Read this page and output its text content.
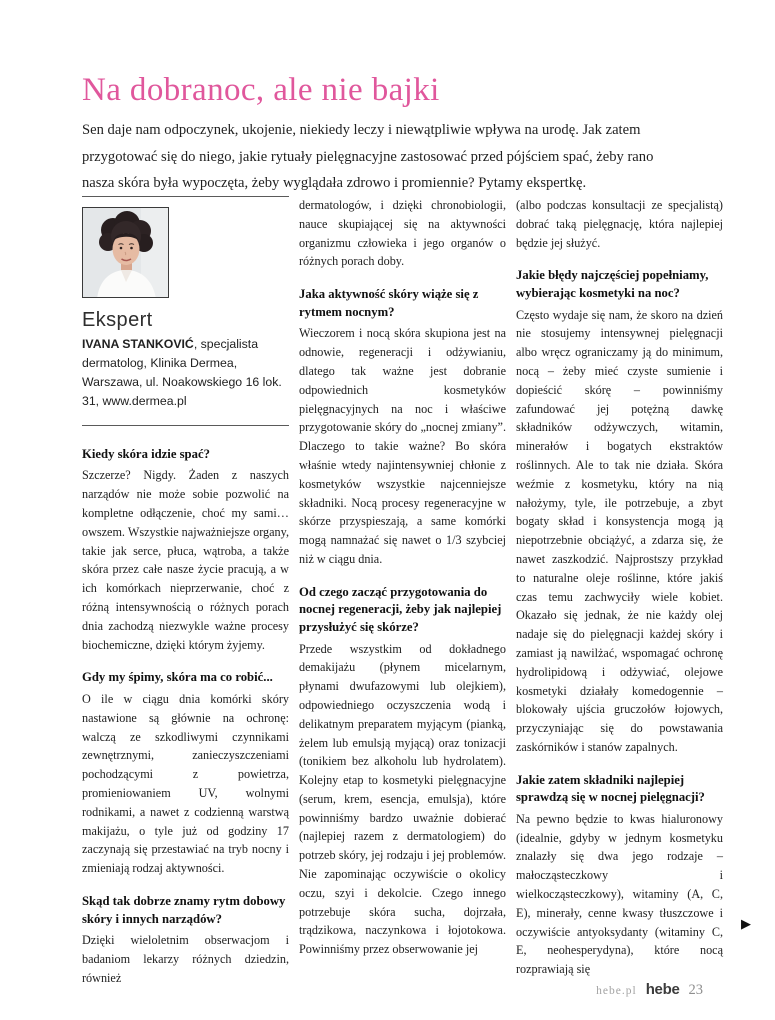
Na dobranoc, ale nie bajki
Sen daje nam odpoczynek, ukojenie, niekiedy leczy i niewątpliwie wpływa na urodę. Jak zatem
przygotować się do niego, jakie rytuały pielęgnacyjne zastosować przed pójściem spać, żeby rano
nasza skóra była wypoczęta, żeby wyglądała zdrowo i promiennie? Pytamy ekspertkę.
Ekspert

IVANA STANKOVIĆ, specjalista dermatolog, Klinika Dermea, Warszawa, ul. Noakowskiego 16 lok. 31, www.dermea.pl

Kiedy skóra idzie spać?

Szczerze? Nigdy. Żaden z naszych narządów nie może sobie pozwolić na kompletne odłączenie, choć my sami… owszem. Wszystkie najważniejsze organy, takie jak serce, płuca, wątroba, a także skóra przez całe nasze życie pracują, a w ich komórkach nieprzerwanie, choć z różną intensywnością o różnych porach dnia zachodzą niezwykle ważne procesy biochemiczne, dzięki którym żyjemy.

Gdy my śpimy, skóra ma co robić...

O ile w ciągu dnia komórki skóry nastawione są głównie na ochronę: walczą ze szkodliwymi czynnikami zewnętrznymi, zanieczyszczeniami pochodzącymi z powietrza, promieniowaniem UV, wolnymi rodnikami, a nawet z codzienną warstwą makijażu, o tyle już od godziny 17 zaczynają się przestawiać na tryb nocny i zmieniają rodzaj aktywności.

Skąd tak dobrze znamy rytm dobowy skóry i innych narządów?

Dzięki wieloletnim obserwacjom i badaniom lekarzy różnych dziedzin, również

dermatologów, i dzięki chronobiologii, nauce skupiającej się na aktywności organizmu człowieka i jego organów o różnych porach doby.

Jaka aktywność skóry wiąże się z rytmem nocnym?

Wieczorem i nocą skóra skupiona jest na odnowie, regeneracji i odżywianiu, dlatego tak ważne jest dobranie odpowiednich kosmetyków pielęgnacyjnych na noc i właściwe przygotowanie skóry do „nocnej zmiany”. Dlaczego to takie ważne? Bo skóra właśnie wtedy najintensywniej chłonie z kosmetyków wszystkie najcenniejsze składniki. Nocą procesy regeneracyjne w skórze przyspieszają, a same komórki mogą namnażać się nawet o 1/3 szybciej niż w ciągu dnia.

Od czego zacząć przygotowania do nocnej regeneracji, żeby jak najlepiej przysłużyć się skórze?

Przede wszystkim od dokładnego demakijażu (płynem micelarnym, płynami dwufazowymi lub olejkiem), odpowiedniego oczyszczenia wodą i delikatnym preparatem myjącym (pianką, żelem lub emulsją myjącą) oraz tonizacji (tonikiem bez alkoholu lub hydrolatem). Kolejny etap to kosmetyki pielęgnacyjne (serum, krem, esencja, emulsja), które powinniśmy bardzo uważnie dobierać (najlepiej razem z dermatologiem) do potrzeb skóry, jej rodzaju i jej problemów. Nie zapominając oczywiście o okolicy oczu, szyi i dekolcie. Czego innego potrzebuje skóra sucha, dojrzała, trądzikowa, naczynkowa i łojotokowa. Powinniśmy przez obserwowanie jej

(albo podczas konsultacji ze specjalistą) dobrać taką pielęgnację, która najlepiej będzie jej służyć.

Jakie błędy najczęściej popełniamy, wybierając kosmetyki na noc?

Często wydaje się nam, że skoro na dzień nie stosujemy intensywnej pielęgnacji albo wręcz ograniczamy ją do minimum, nocą – żeby mieć czyste sumienie i dopieścić skórę – powinniśmy zafundować jej potężną dawkę składników odżywczych, witamin, minerałów i bogatych ekstraktów roślinnych. Ale to tak nie działa. Skóra weźmie z kosmetyku, który na nią nałożymy, tyle, ile potrzebuje, a zbyt bogaty skład i konsystencja mogą ją niepotrzebnie obciążyć, a zdarza się, że nawet zaszkodzić. Najprostszy przykład to naturalne oleje roślinne, które jakiś czas temu zachwyciły wiele kobiet. Okazało się jednak, że nie każdy olej nadaje się do pielęgnacji każdej skóry i zamiast ją nawilżać, wspomagać ochronę hydrolipidową i odżywiać, olejowe kosmetyki działały komedogennie – blokowały ujścia gruczołów łojowych, przyczyniając się do powstawania zaskórników i stanów zapalnych.

Jakie zatem składniki najlepiej sprawdzą się w nocnej pielęgnacji?

Na pewno będzie to kwas hialuronowy (idealnie, gdyby w jednym kosmetyku znalazły się dwa jego rodzaje – małocząsteczkowy i wielkocząsteczkowy), witaminy (A, C, E), minerały, cenne kwasy tłuszczowe i oczywiście antyoksydanty (witaminy C, E, neohesperydyna), które nocą rozprawiają się

▶
hebe.pl hebe 23
